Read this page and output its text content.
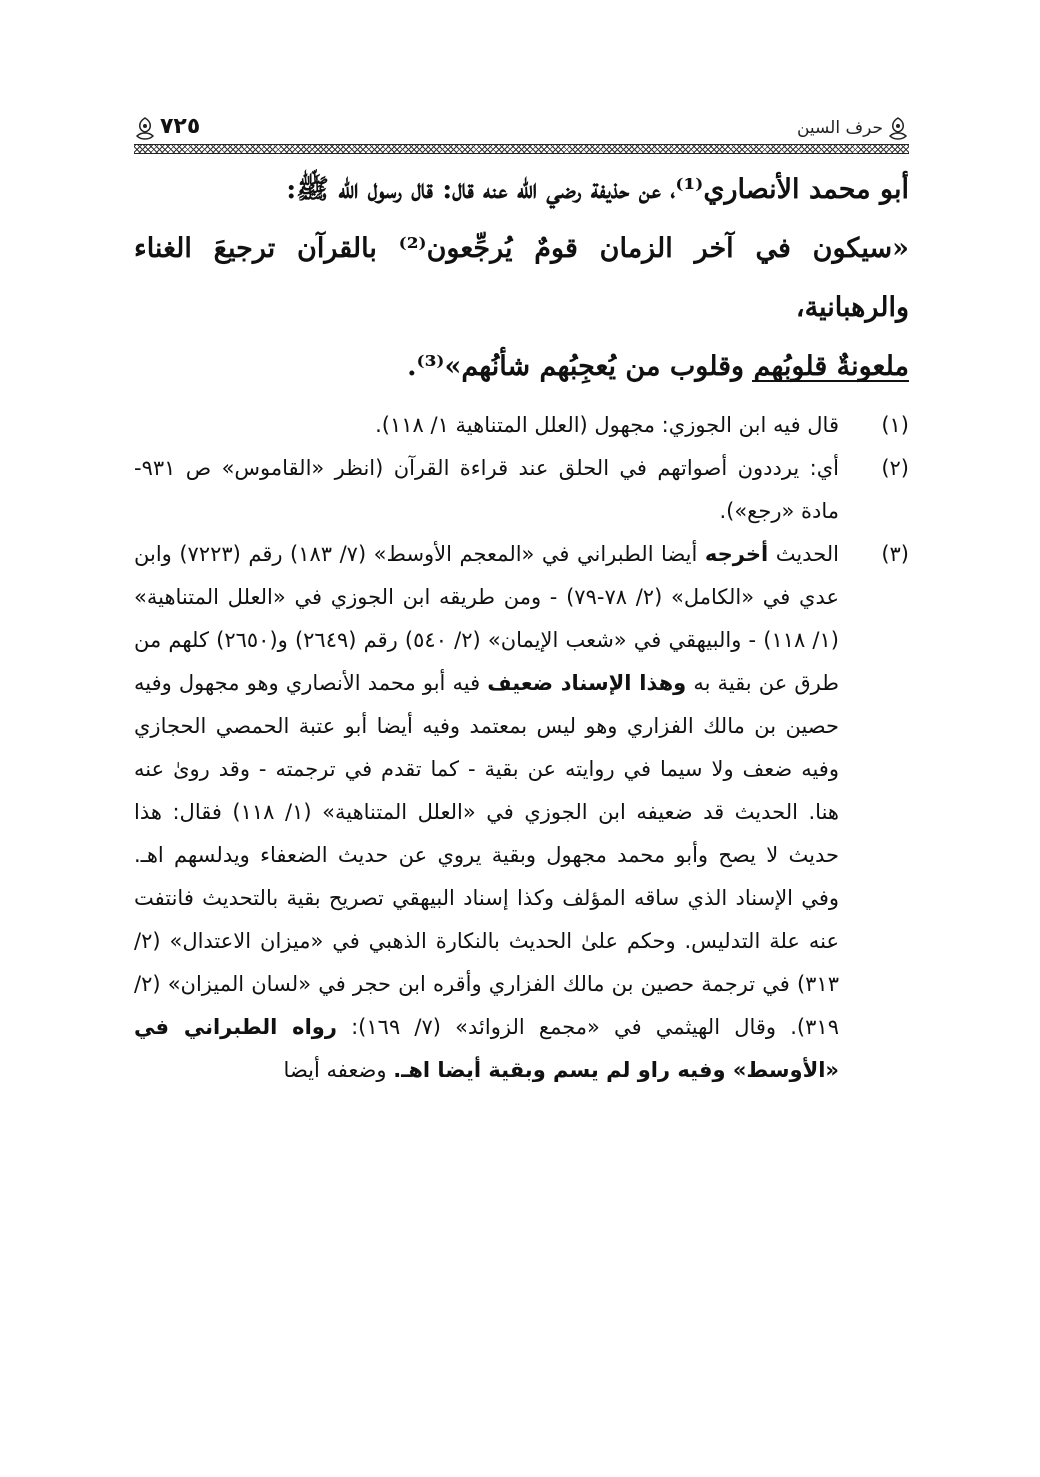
حرف السين
٧٢٥

أبو محمد الأنصاري⁽¹⁾، عن حذيفة رضي الله عنه قال: قال رسول الله ﷺ:

«سيكون في آخر الزمان قومٌ يُرجِّعون⁽²⁾ بالقرآن ترجيعَ الغناء والرهبانية،

ملعونةٌ قلوبُهم وقلوب من يُعجِبُهم شأنُهم»⁽³⁾.

(١)
قال فيه ابن الجوزي: مجهول (العلل المتناهية ١/ ١١٨).
(٢)
أي: يرددون أصواتهم في الحلق عند قراءة القرآن (انظر «القاموس» ص ٩٣١- مادة «رجع»).
(٣)
الحديث أخرجه أيضا الطبراني في «المعجم الأوسط» (٧/ ١٨٣) رقم (٧٢٢٣) وابن عدي في «الكامل» (٢/ ٧٨-٧٩) - ومن طريقه ابن الجوزي في «العلل المتناهية» (١/ ١١٨) - والبيهقي في «شعب الإيمان» (٢/ ٥٤٠) رقم (٢٦٤٩) و(٢٦٥٠) كلهم من طرق عن بقية به وهذا الإسناد ضعيف فيه أبو محمد الأنصاري وهو مجهول وفيه حصين بن مالك الفزاري وهو ليس بمعتمد وفيه أيضا أبو عتبة الحمصي الحجازي وفيه ضعف ولا سيما في روايته عن بقية - كما تقدم في ترجمته - وقد روىٰ عنه هنا. الحديث قد ضعيفه ابن الجوزي في «العلل المتناهية» (١/ ١١٨) فقال: هذا حديث لا يصح وأبو محمد مجهول وبقية يروي عن حديث الضعفاء ويدلسهم اهـ. وفي الإسناد الذي ساقه المؤلف وكذا إسناد البيهقي تصريح بقية بالتحديث فانتفت عنه علة التدليس. وحكم علىٰ الحديث بالنكارة الذهبي في «ميزان الاعتدال» (٢/ ٣١٣) في ترجمة حصين بن مالك الفزاري وأقره ابن حجر في «لسان الميزان» (٢/ ٣١٩). وقال الهيثمي في «مجمع الزوائد» (٧/ ١٦٩): رواه الطبراني في «الأوسط» وفيه راو لم يسم وبقية أيضا اهـ. وضعفه أيضا
